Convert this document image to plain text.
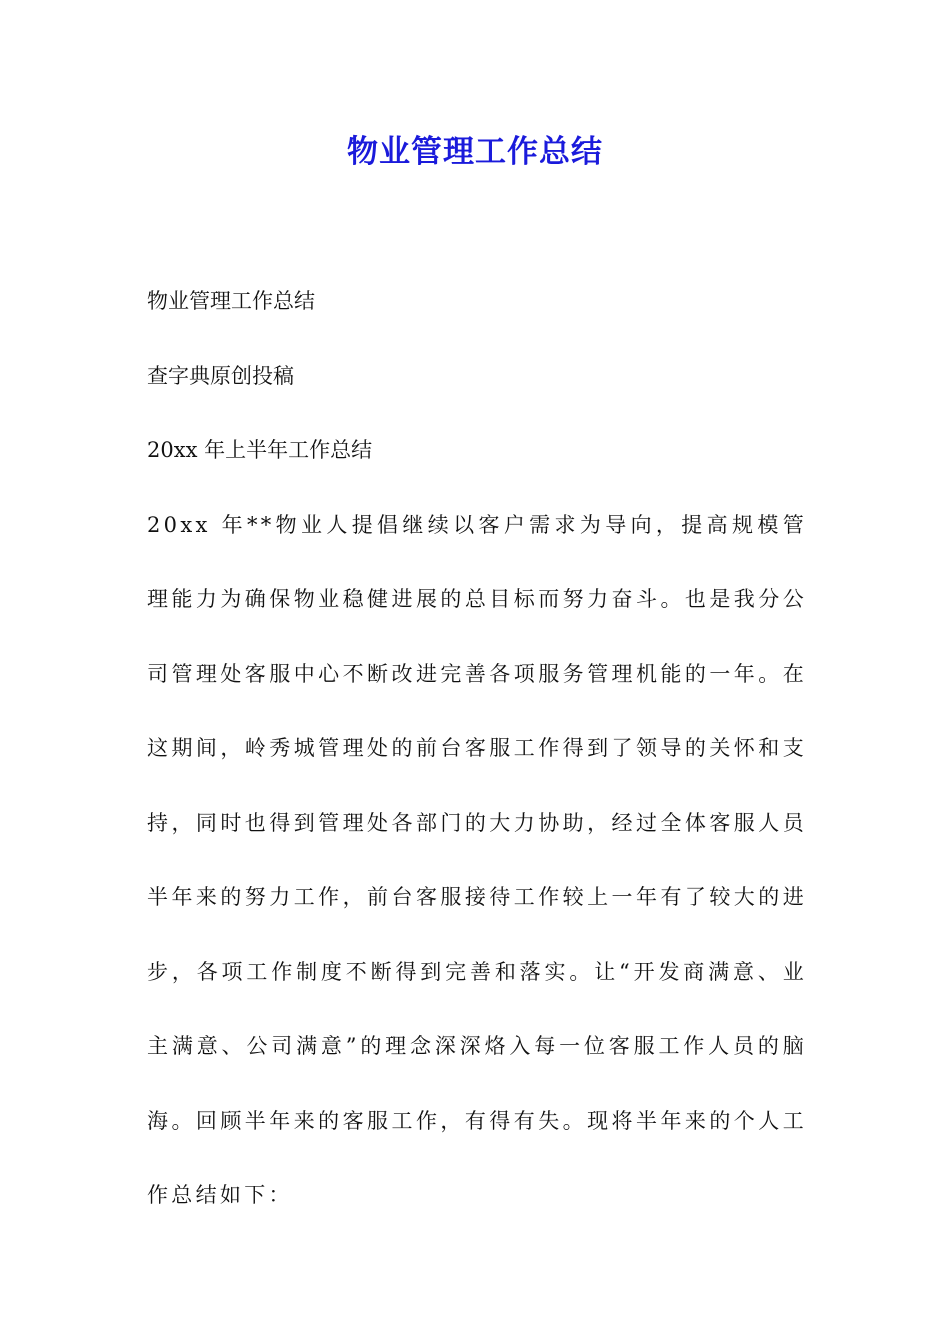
物业管理工作总结

物业管理工作总结

查字典原创投稿

20xx 年上半年工作总结

20xx 年**物业人提倡继续以客户需求为导向，提高规模管理能力为确保物业稳健进展的总目标而努力奋斗。也是我分公司管理处客服中心不断改进完善各项服务管理机能的一年。在这期间，岭秀城管理处的前台客服工作得到了领导的关怀和支持，同时也得到管理处各部门的大力协助，经过全体客服人员半年来的努力工作，前台客服接待工作较上一年有了较大的进步，各项工作制度不断得到完善和落实。让“开发商满意、业主满意、公司满意”的理念深深烙入每一位客服工作人员的脑海。回顾半年来的客服工作，有得有失。现将半年来的个人工作总结如下：
